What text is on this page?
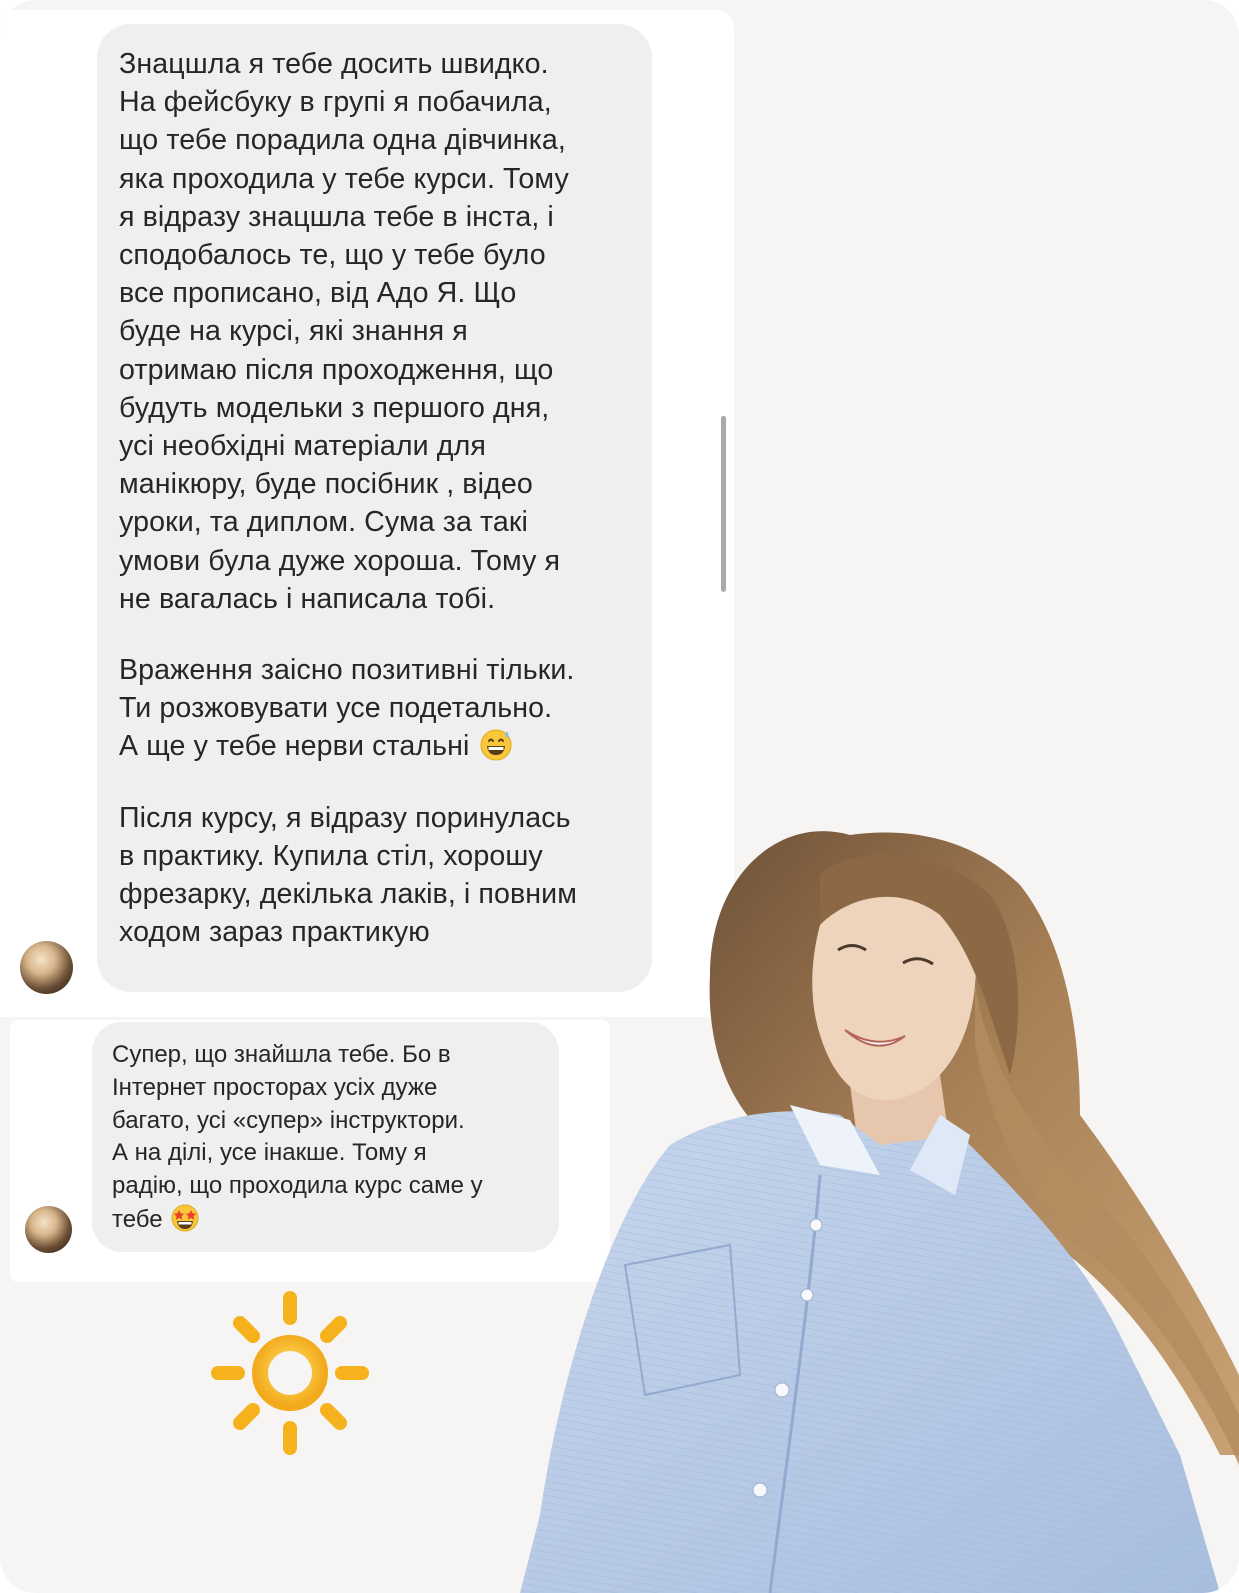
Знацшла я тебе досить швидко.
На фейсбуку в групі я побачила,
що тебе порадила одна дівчинка,
яка проходила у тебе курси. Тому
я відразу знацшла тебе в інста, і
сподобалось те, що у тебе було
все прописано, від Адо Я. Що
буде на курсі, які знання я
отримаю після проходження, що
будуть модельки з першого дня,
усі необхідні матеріали для
манікюру, буде посібник , відео
уроки, та диплом. Сума за такі
умови була дуже хороша. Тому я
не вагалась і написала тобі.
Враження заісно позитивні тільки.
Ти розжовувати усе подетально.
А ще у тебе нерви стальні
Після курсу, я відразу поринулась
в практику. Купила стіл, хорошу
фрезарку, декілька лаків, і повним
ходом зараз практикую
Супер, що знайшла тебе. Бо в
Інтернет просторах усіх дуже
багато, усі «супер» інструктори.
А на ділі, усе інакше. Тому я
радію, що проходила курс саме у
тебе
